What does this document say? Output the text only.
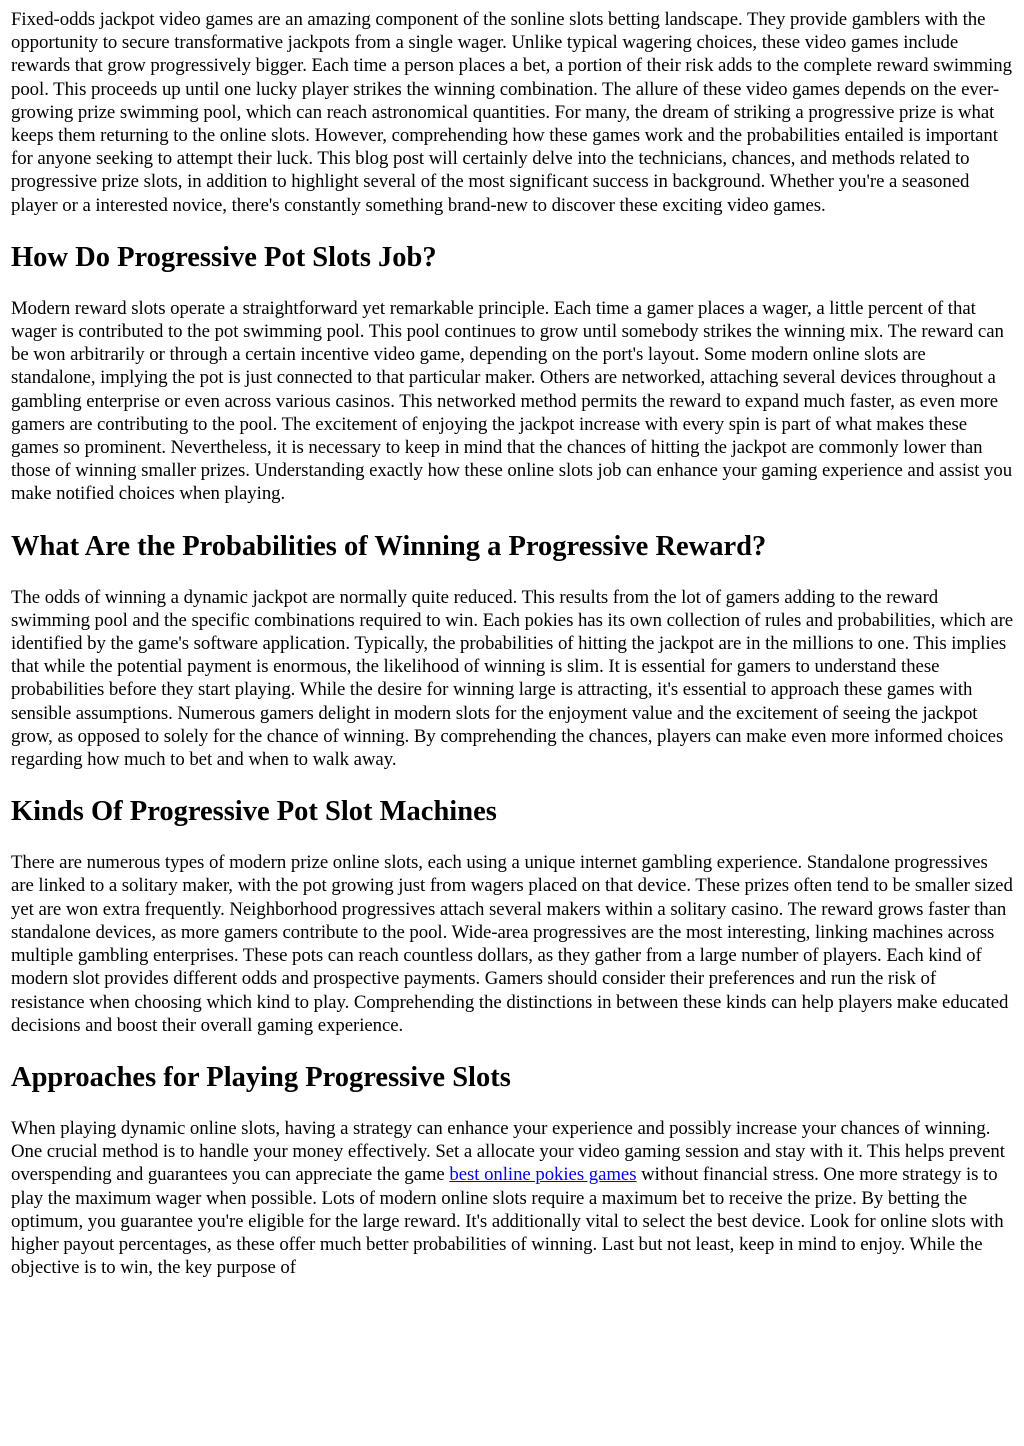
Fixed-odds jackpot video games are an amazing component of the sonline slots betting landscape. They provide gamblers with the opportunity to secure transformative jackpots from a single wager. Unlike typical wagering choices, these video games include rewards that grow progressively bigger. Each time a person places a bet, a portion of their risk adds to the complete reward swimming pool. This proceeds up until one lucky player strikes the winning combination. The allure of these video games depends on the ever-growing prize swimming pool, which can reach astronomical quantities. For many, the dream of striking a progressive prize is what keeps them returning to the online slots. However, comprehending how these games work and the probabilities entailed is important for anyone seeking to attempt their luck. This blog post will certainly delve into the technicians, chances, and methods related to progressive prize slots, in addition to highlight several of the most significant success in background. Whether you're a seasoned player or a interested novice, there's constantly something brand-new to discover these exciting video games.

How Do Progressive Pot Slots Job?

Modern reward slots operate a straightforward yet remarkable principle. Each time a gamer places a wager, a little percent of that wager is contributed to the pot swimming pool. This pool continues to grow until somebody strikes the winning mix. The reward can be won arbitrarily or through a certain incentive video game, depending on the port's layout. Some modern online slots are standalone, implying the pot is just connected to that particular maker. Others are networked, attaching several devices throughout a gambling enterprise or even across various casinos. This networked method permits the reward to expand much faster, as even more gamers are contributing to the pool. The excitement of enjoying the jackpot increase with every spin is part of what makes these games so prominent. Nevertheless, it is necessary to keep in mind that the chances of hitting the jackpot are commonly lower than those of winning smaller prizes. Understanding exactly how these online slots job can enhance your gaming experience and assist you make notified choices when playing.

What Are the Probabilities of Winning a Progressive Reward?

The odds of winning a dynamic jackpot are normally quite reduced. This results from the lot of gamers adding to the reward swimming pool and the specific combinations required to win. Each pokies has its own collection of rules and probabilities, which are identified by the game's software application. Typically, the probabilities of hitting the jackpot are in the millions to one. This implies that while the potential payment is enormous, the likelihood of winning is slim. It is essential for gamers to understand these probabilities before they start playing. While the desire for winning large is attracting, it's essential to approach these games with sensible assumptions. Numerous gamers delight in modern slots for the enjoyment value and the excitement of seeing the jackpot grow, as opposed to solely for the chance of winning. By comprehending the chances, players can make even more informed choices regarding how much to bet and when to walk away.

Kinds Of Progressive Pot Slot Machines

There are numerous types of modern prize online slots, each using a unique internet gambling experience. Standalone progressives are linked to a solitary maker, with the pot growing just from wagers placed on that device. These prizes often tend to be smaller sized yet are won extra frequently. Neighborhood progressives attach several makers within a solitary casino. The reward grows faster than standalone devices, as more gamers contribute to the pool. Wide-area progressives are the most interesting, linking machines across multiple gambling enterprises. These pots can reach countless dollars, as they gather from a large number of players. Each kind of modern slot provides different odds and prospective payments. Gamers should consider their preferences and run the risk of resistance when choosing which kind to play. Comprehending the distinctions in between these kinds can help players make educated decisions and boost their overall gaming experience.

Approaches for Playing Progressive Slots

When playing dynamic online slots, having a strategy can enhance your experience and possibly increase your chances of winning. One crucial method is to handle your money effectively. Set a allocate your video gaming session and stay with it. This helps prevent overspending and guarantees you can appreciate the game best online pokies games without financial stress. One more strategy is to play the maximum wager when possible. Lots of modern online slots require a maximum bet to receive the prize. By betting the optimum, you guarantee you're eligible for the large reward. It's additionally vital to select the best device. Look for online slots with higher payout percentages, as these offer much better probabilities of winning. Last but not least, keep in mind to enjoy. While the objective is to win, the key purpose of
